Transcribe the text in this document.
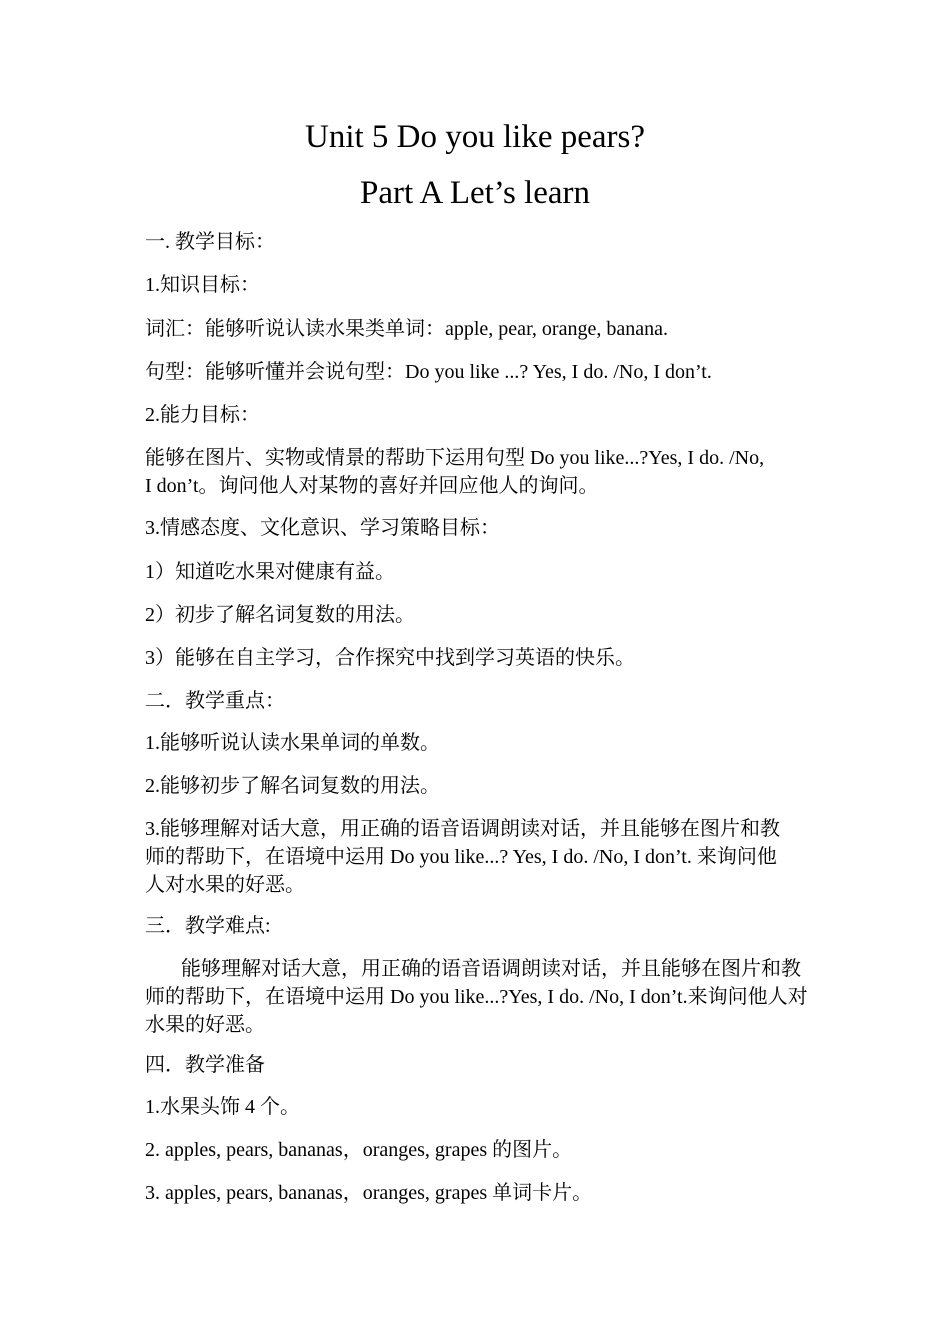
Unit 5 Do you like pears?
Part A Let’s learn
一. 教学目标：
1.知识目标：
词汇：能够听说认读水果类单词：apple, pear, orange, banana.
句型：能够听懂并会说句型：Do you like ...? Yes, I do. /No, I don’t.
2.能力目标：
能够在图片、实物或情景的帮助下运用句型 Do you like...?Yes, I do. /No, I don’t。询问他人对某物的喜好并回应他人的询问。
3.情感态度、文化意识、学习策略目标：
1）知道吃水果对健康有益。
2）初步了解名词复数的用法。
3）能够在自主学习，合作探究中找到学习英语的快乐。
二．教学重点：
1.能够听说认读水果单词的单数。
2.能够初步了解名词复数的用法。
3.能够理解对话大意，用正确的语音语调朗读对话，并且能够在图片和教师的帮助下，在语境中运用 Do you like...? Yes, I do. /No, I don’t. 来询问他人对水果的好恶。
三．教学难点:
能够理解对话大意，用正确的语音语调朗读对话，并且能够在图片和教师的帮助下，在语境中运用 Do you like...?Yes, I do. /No, I don’t.来询问他人对水果的好恶。
四．教学准备
1.水果头饰 4 个。
2. apples, pears, bananas，oranges, grapes 的图片。
3. apples, pears, bananas，oranges, grapes 单词卡片。
